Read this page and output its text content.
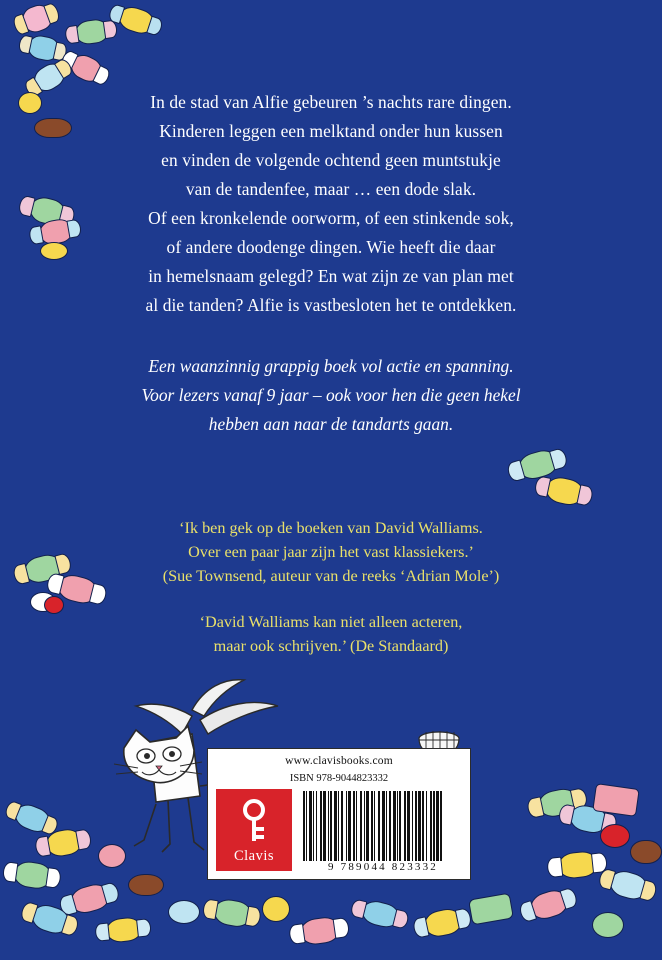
In de stad van Alfie gebeuren ’s nachts rare dingen.
Kinderen leggen een melktand onder hun kussen
en vinden de volgende ochtend geen muntstukje
van de tandenfee, maar … een dode slak.
Of een kronkelende oorworm, of een stinkende sok,
of andere doodenge dingen. Wie heeft die daar
in hemelsnaam gelegd? En wat zijn ze van plan met
al die tanden? Alfie is vastbesloten het te ontdekken.
Een waanzinnig grappig boek vol actie en spanning.
Voor lezers vanaf 9 jaar – ook voor hen die geen hekel
hebben aan naar de tandarts gaan.
‘Ik ben gek op de boeken van David Walliams.
Over een paar jaar zijn het vast klassiekers.’
(Sue Townsend, auteur van de reeks ‘Adrian Mole’)
‘David Walliams kan niet alleen acteren,
maar ook schrijven.’ (De Standaard)
www.clavisbooks.com
ISBN 978-9044823332
Clavis
9 789044 823332
